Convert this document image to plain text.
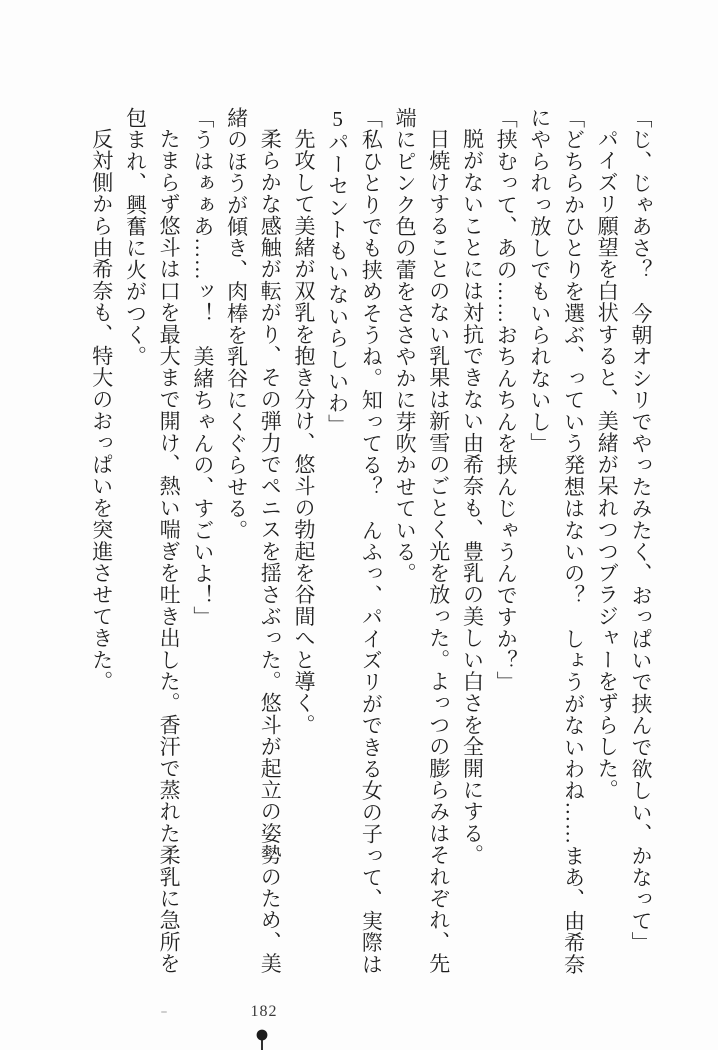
「じ、じゃあさ？　今朝オシリでやったみたく、おっぱいで挟んで欲しい、かなって」

パイズリ願望を白状すると、美緒が呆れつつブラジャーをずらした。

「どちらかひとりを選ぶ、っていう発想はないの？　しょうがないわね……まあ、由希奈にやられっ放しでもいられないし」

「挟むって、あの……おちんちんを挟んじゃうんですか？」

脱がないことには対抗できない由希奈も、豊乳の美しい白さを全開にする。

日焼けすることのない乳果は新雪のごとく光を放った。よっつの膨らみはそれぞれ、先端にピンク色の蕾をささやかに芽吹かせている。

「私ひとりでも挟めそうね。知ってる？　んふっ、パイズリができる女の子って、実際は5パーセントもいないらしいわ」

先攻して美緒が双乳を抱き分け、悠斗の勃起を谷間へと導く。

柔らかな感触が転がり、その弾力でペニスを揺さぶった。悠斗が起立の姿勢のため、美緒のほうが傾き、肉棒を乳谷にくぐらせる。

「うはぁぁあ……ッ！　美緒ちゃんの、すごいよ！」

たまらず悠斗は口を最大まで開け、熱い喘ぎを吐き出した。香汗で蒸れた柔乳に急所を包まれ、興奮に火がつく。

反対側から由希奈も、特大のおっぱいを突進させてきた。

182
